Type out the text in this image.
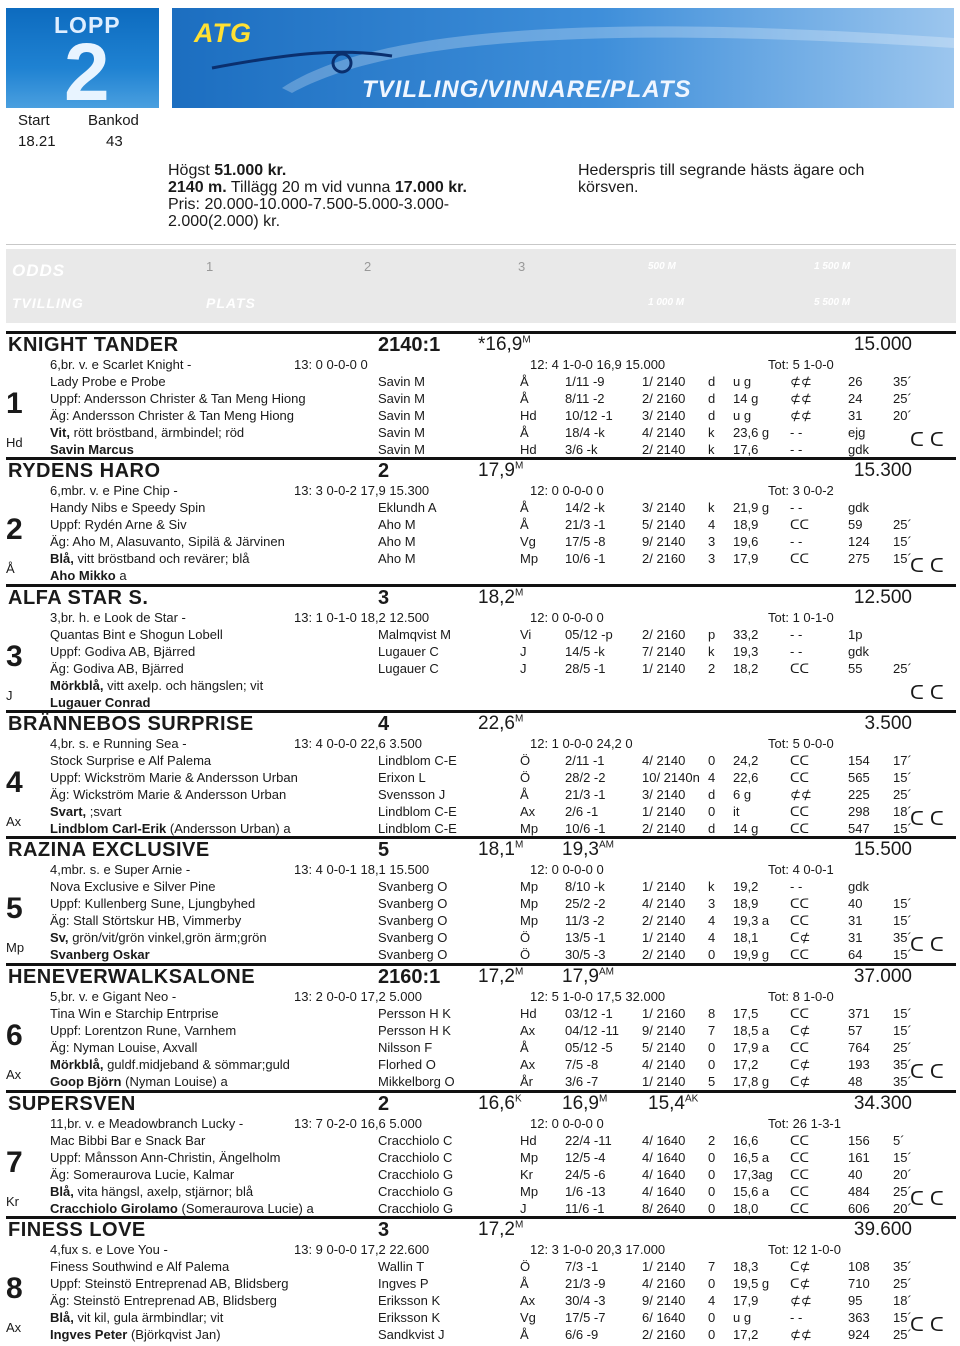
LOPP
2
Start	Bankod
18.21	43
ATG
TVILLING/VINNARE/PLATS
Högst 51.000 kr.
2140 m. Tillägg 20 m vid vunna 17.000 kr.
Pris: 20.000-10.000-7.500-5.000-3.000-
2.000(2.000) kr.
Hederspris till segrande hästs ägare och
körsven.
ODDS	1	2	3	500 M	1 500 M
TVILLING	PLATS	1 000 M	5 500 M
KNIGHT TANDER	2140:1 $*16,9^M$	15.000
1
Hd
6,br. v. e Scarlet Knight -	13: 0 0-0-0 0	12: 4 1-0-0 16,9 15.000	Tot: 5 1-0-0
Lady Probe e Probe
Uppf: Andersson Christer & Tan Meng Hiong
Äg: Andersson Christer & Tan Meng Hiong
Vit, rött bröstband, ärmbindel; röd
Savin Marcus
Savin M	Å	1/11 -9	1/ 2140 d u g	⊄⊄	26 35´
Savin M	Å	8/11 -2	2/ 2160 d 14 g ⊄⊄	24 25´
Savin M	Hd 10/12 -1 3/ 2140 d u g	⊄⊄	31 20´
Savin M	Å	18/4 -k	4/ 2140 k 23,6 g - -	ejg
Savin M	Hd 3/6 -k	2/ 2140 k 17,6 - -	gdk ᑕᑕ
RYDENS HARO	2	$17,9^M$	15.300
2
Å
6,mbr. v. e Pine Chip -	13: 3 0-0-2 17,9 15.300	12: 0 0-0-0 0	Tot: 3 0-0-2
Handy Nibs e Speedy Spin
Uppf: Rydén Arne & Siv
Äg: Aho M, Alasuvanto, Sipilä & Järvinen
Blå, vitt bröstband och revärer; blå
Aho Mikko a
Eklundh A	Å	14/2 -k	3/ 2140 k 21,9 g - -	gdk
Aho M	Å	21/3 -1	5/ 2140 4 18,9 ᑕᑕ	59 25´
Aho M	Vg 17/5 -8	9/ 2140 3 19,6 - -	124 15´
Aho M	Mp 10/6 -1	2/ 2160 3 17,9 ᑕᑕ	275 15´
ᑕᑕ
ALFA STAR S.	3	$18,2^M$	12.500
3
J
3,br. h. e Look de Star -	13: 1 0-1-0 18,2 12.500	12: 0 0-0-0 0	Tot: 1 0-1-0
Quantas Bint e Shogun Lobell
Uppf: Godiva AB, Bjärred
Äg: Godiva AB, Bjärred
Mörkblå, vitt axelp. och hängslen; vit
Lugauer Conrad
Malmqvist M	Vi	05/12 -p 2/ 2160 p 33,2 - -	1p
Lugauer C	J	14/5 -k	7/ 2140 k 19,3 - -	gdk
Lugauer C	J	28/5 -1	1/ 2140 2 18,2 ᑕᑕ	55 25´
ᑕᑕ
BRÄNNEBOS SURPRISE	4	$22,6^M$	3.500
4
Ax
4,br. s. e Running Sea -	13: 4 0-0-0 22,6 3.500	12: 1 0-0-0 24,2 0	Tot: 5 0-0-0
Stock Surprise e Alf Palema
Uppf: Wickström Marie & Andersson Urban
Äg: Wickström Marie & Andersson Urban
Svart, ;svart
Lindblom Carl-Erik (Andersson Urban) a
Lindblom C-E	Ö	2/11 -1	4/ 2140 0 24,2 ᑕᑕ	154 17´
Erixon L	Ö	28/2 -2	10/ 2140n 4 22,6 ᑕᑕ	565 15´
Svensson J	Å	21/3 -1	3/ 2140 d 6 g	⊄⊄	225 25´
Lindblom C-E	Ax 2/6 -1	1/ 2140 0 it	ᑕᑕ	298 18´
Lindblom C-E	Mp 10/6 -1	2/ 2140 d 14 g ᑕᑕ	547 15´
ᑕᑕ
RAZINA EXCLUSIVE	5	$18,1^M$ $19,3^{AM}$	15.500
5
Mp
4,mbr. s. e Super Arnie -	13: 4 0-0-1 18,1 15.500	12: 0 0-0-0 0	Tot: 4 0-0-1
Nova Exclusive e Silver Pine
Uppf: Kullenberg Sune, Ljungbyhed
Äg: Stall Störtskur HB, Vimmerby
Sv, grön/vit/grön vinkel,grön ärm;grön
Svanberg Oskar
Svanberg O	Mp 8/10 -k	1/ 2140 k 19,2 - -	gdk
Svanberg O	Mp 25/2 -2	4/ 2140 3 18,9 ᑕᑕ	40 15´
Svanberg O	Mp 11/3 -2	2/ 2140 4 19,3 a ᑕᑕ	31 15´
Svanberg O	Ö	13/5 -1	1/ 2140 4 18,1 ᑕ⊄	31 35´
Svanberg O	Ö	30/5 -3	2/ 2140 0 19,9 g ᑕᑕ	64 15´
ᑕᑕ
HENEVERWALKSALONE	2160:1 $17,2^M$ $17,9^{AM}$	37.000
6
Ax
5,br. v. e Gigant Neo -	13: 2 0-0-0 17,2 5.000	12: 5 1-0-0 17,5 32.000	Tot: 8 1-0-0
Tina Win e Starchip Entrprise
Uppf: Lorentzon Rune, Varnhem
Äg: Nyman Louise, Axvall
Mörkblå, guldf.midjeband & sömmar;guld
Goop Björn (Nyman Louise) a
Persson H K	Hd 03/12 -1 1/ 2160 8 17,5 ᑕᑕ	371 15´
Persson H K	Ax 04/12 -11 9/ 2140 7 18,5 a ᑕ⊄	57 15´
Nilsson F	Å	05/12 -5 5/ 2140 0 17,9 a ᑕᑕ	764 25´
Florhed O	Ax 7/5 -8	4/ 2140 0 17,2 ᑕ⊄	193 35´
Mikkelborg O	År 3/6 -7	1/ 2140 5 17,8 g ᑕ⊄	48 35´
ᑕᑕ
SUPERSVEN	2	$16,6^K$ $16,9^M$ $15,4^{AK}$	34.300
7
Kr
11,br. v. e Meadowbranch Lucky -	13: 7 0-2-0 16,6 5.000	12: 0 0-0-0 0	Tot: 26 1-3-1
Mac Bibbi Bar e Snack Bar
Uppf: Månsson Ann-Christin, Ängelholm
Äg: Someraurova Lucie, Kalmar
Blå, vita hängsl, axelp, stjärnor; blå
Cracchiolo Girolamo (Someraurova Lucie) a
Cracchiolo C	Hd 22/4 -11 4/ 1640 2 16,6 ᑕᑕ	156 5´
Cracchiolo C	Mp 12/5 -4	4/ 1640 0 16,5 a ᑕᑕ	161 15´
Cracchiolo G	Kr 24/5 -6	4/ 1640 0 17,3ag ᑕᑕ	40 20´
Cracchiolo G	Mp 1/6 -13	4/ 1640 0 15,6 a ᑕᑕ	484 25´
Cracchiolo G	J	11/6 -1	8/ 2640 0 18,0 ᑕᑕ	606 20´
ᑕᑕ
FINESS LOVE	3	$17,2^M$	39.600
8
Ax
4,fux s. e Love You -	13: 9 0-0-0 17,2 22.600	12: 3 1-0-0 20,3 17.000	Tot: 12 1-0-0
Finess Southwind e Alf Palema
Uppf: Steinstö Entreprenad AB, Blidsberg
Äg: Steinstö Entreprenad AB, Blidsberg
Blå, vit kil, gula ärmbindlar; vit
Ingves Peter (Björkqvist Jan)
Wallin T	Ö	7/3 -1	1/ 2140 7 18,3 ᑕ⊄	108 35´
Ingves P	Å	21/3 -9	4/ 2160 0 19,5 g ᑕ⊄	710 25´
Eriksson K	Ax 30/4 -3	9/ 2140 4 17,9 ⊄⊄	95 18´
Eriksson K	Vg 17/5 -7	6/ 1640 0 u g	- -	363 15´
Sandkvist J	Å	6/6 -9	2/ 2160 0 17,2 ⊄⊄	924 25´
ᑕᑕ
